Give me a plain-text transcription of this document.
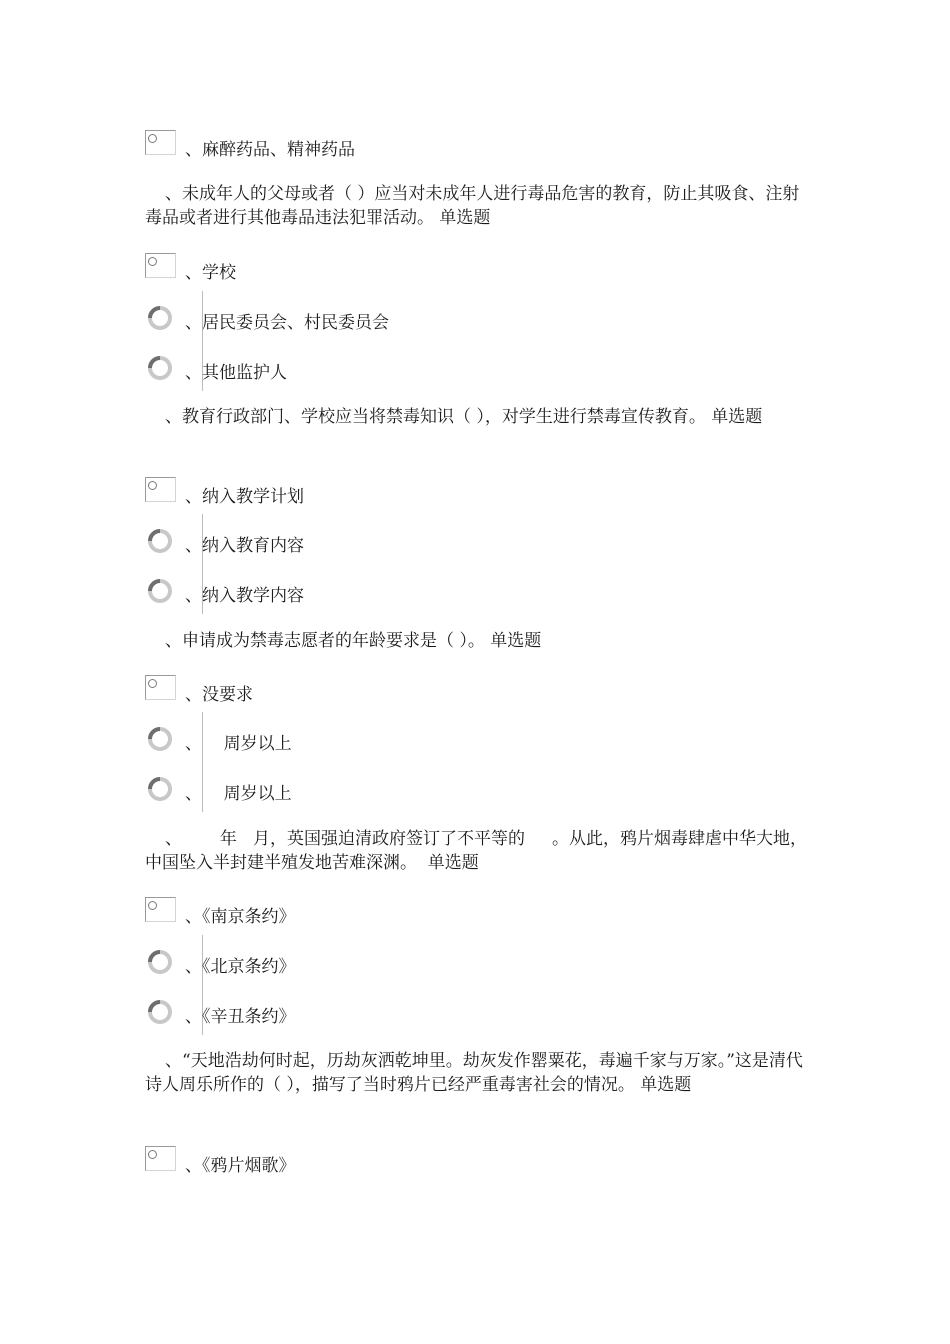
、麻醉药品、精神药品
、未成年人的父母或者（ ）应当对未成年人进行毒品危害的教育，防止其吸食、注射毒品或者进行其他毒品违法犯罪活动。 单选题
、学校
、居民委员会、村民委员会
、其他监护人
、教育行政部门、学校应当将禁毒知识（ ），对学生进行禁毒宣传教育。 单选题
、纳入教学计划
、纳入教育内容
、纳入教学内容
、申请成为禁毒志愿者的年龄要求是（ ）。 单选题
、没要求
、    周岁以上
、    周岁以上
、       年   月，英国强迫清政府签订了不平等的     。从此，鸦片烟毒肆虐中华大地，中国坠入半封建半殖发地苦难深渊。  单选题
、《南京条约》
、《北京条约》
、《辛丑条约》
、“天地浩劫何时起，历劫灰洒乾坤里。劫灰发作罂粟花，毒遍千家与万家。”这是清代诗人周乐所作的（ ），描写了当时鸦片已经严重毒害社会的情况。 单选题
、《鸦片烟歌》
